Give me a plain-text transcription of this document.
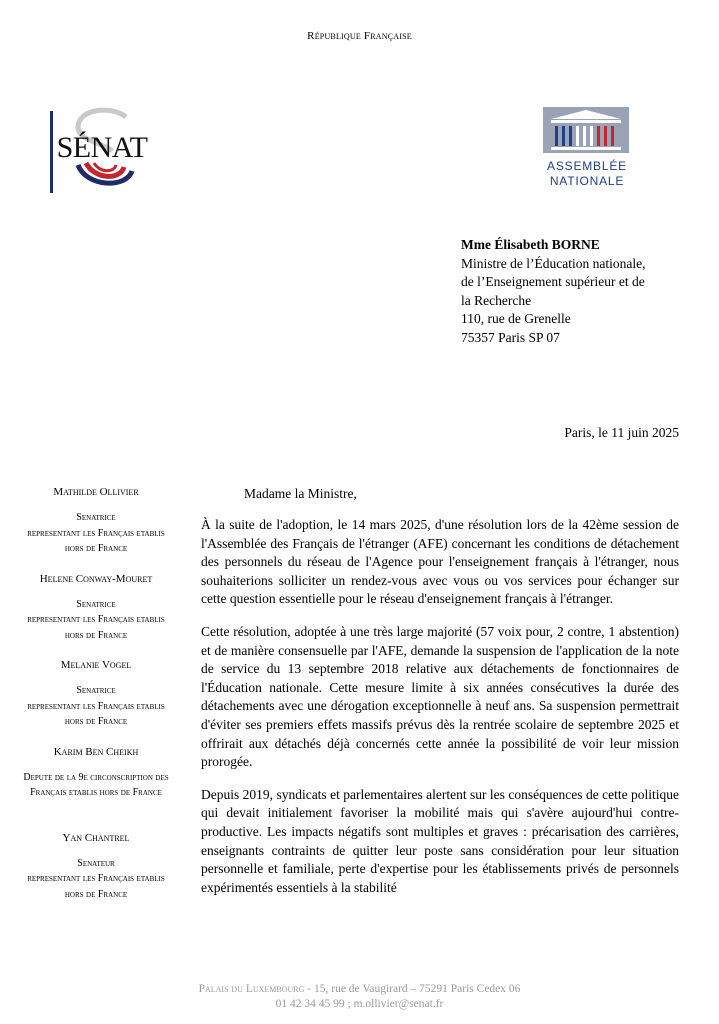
République Française
SÉNAT
ASSEMBLÉE
NATIONALE
Mme Élisabeth BORNE
Ministre de l’Éducation nationale,
de l’Enseignement supérieur et de
la Recherche
110, rue de Grenelle
75357 Paris SP 07
Paris, le 11 juin 2025
Mathilde Ollivier
Senatrice
representant les Français etablis
hors de France
Helene Conway-Mouret
Senatrice
representant les Français etablis
hors de France
Melanie Vogel
Senatrice
representant les Français etablis
hors de France
Karim Ben Cheikh
Depute de la 9e circonscription des
Français etablis hors de France
Yan Chantrel
Senateur
representant les Français etablis
hors de France
Madame la Ministre,

À la suite de l'adoption, le 14 mars 2025, d'une résolution lors de la 42ème session de l'Assemblée des Français de l'étranger (AFE) concernant les conditions de détachement des personnels du réseau de l'Agence pour l'enseignement français à l'étranger, nous souhaiterions solliciter un rendez-vous avec vous ou vos services pour échanger sur cette question essentielle pour le réseau d'enseignement français à l'étranger.

Cette résolution, adoptée à une très large majorité (57 voix pour, 2 contre, 1 abstention) et de manière consensuelle par l'AFE, demande la suspension de l'application de la note de service du 13 septembre 2018 relative aux détachements de fonctionnaires de l'Éducation nationale. Cette mesure limite à six années consécutives la durée des détachements avec une dérogation exceptionnelle à neuf ans. Sa suspension permettrait d'éviter ses premiers effets massifs prévus dès la rentrée scolaire de septembre 2025 et offrirait aux détachés déjà concernés cette année la possibilité de voir leur mission prorogée.

Depuis 2019, syndicats et parlementaires alertent sur les conséquences de cette politique qui devait initialement favoriser la mobilité mais qui s'avère aujourd'hui contre-productive. Les impacts négatifs sont multiples et graves : précarisation des carrières, enseignants contraints de quitter leur poste sans considération pour leur situation personnelle et familiale, perte d'expertise pour les établissements privés de personnels expérimentés essentiels à la stabilité

Palais du Luxembourg - 15, rue de Vaugirard – 75291 Paris Cedex 06
01 42 34 45 99 ; m.ollivier@senat.fr
